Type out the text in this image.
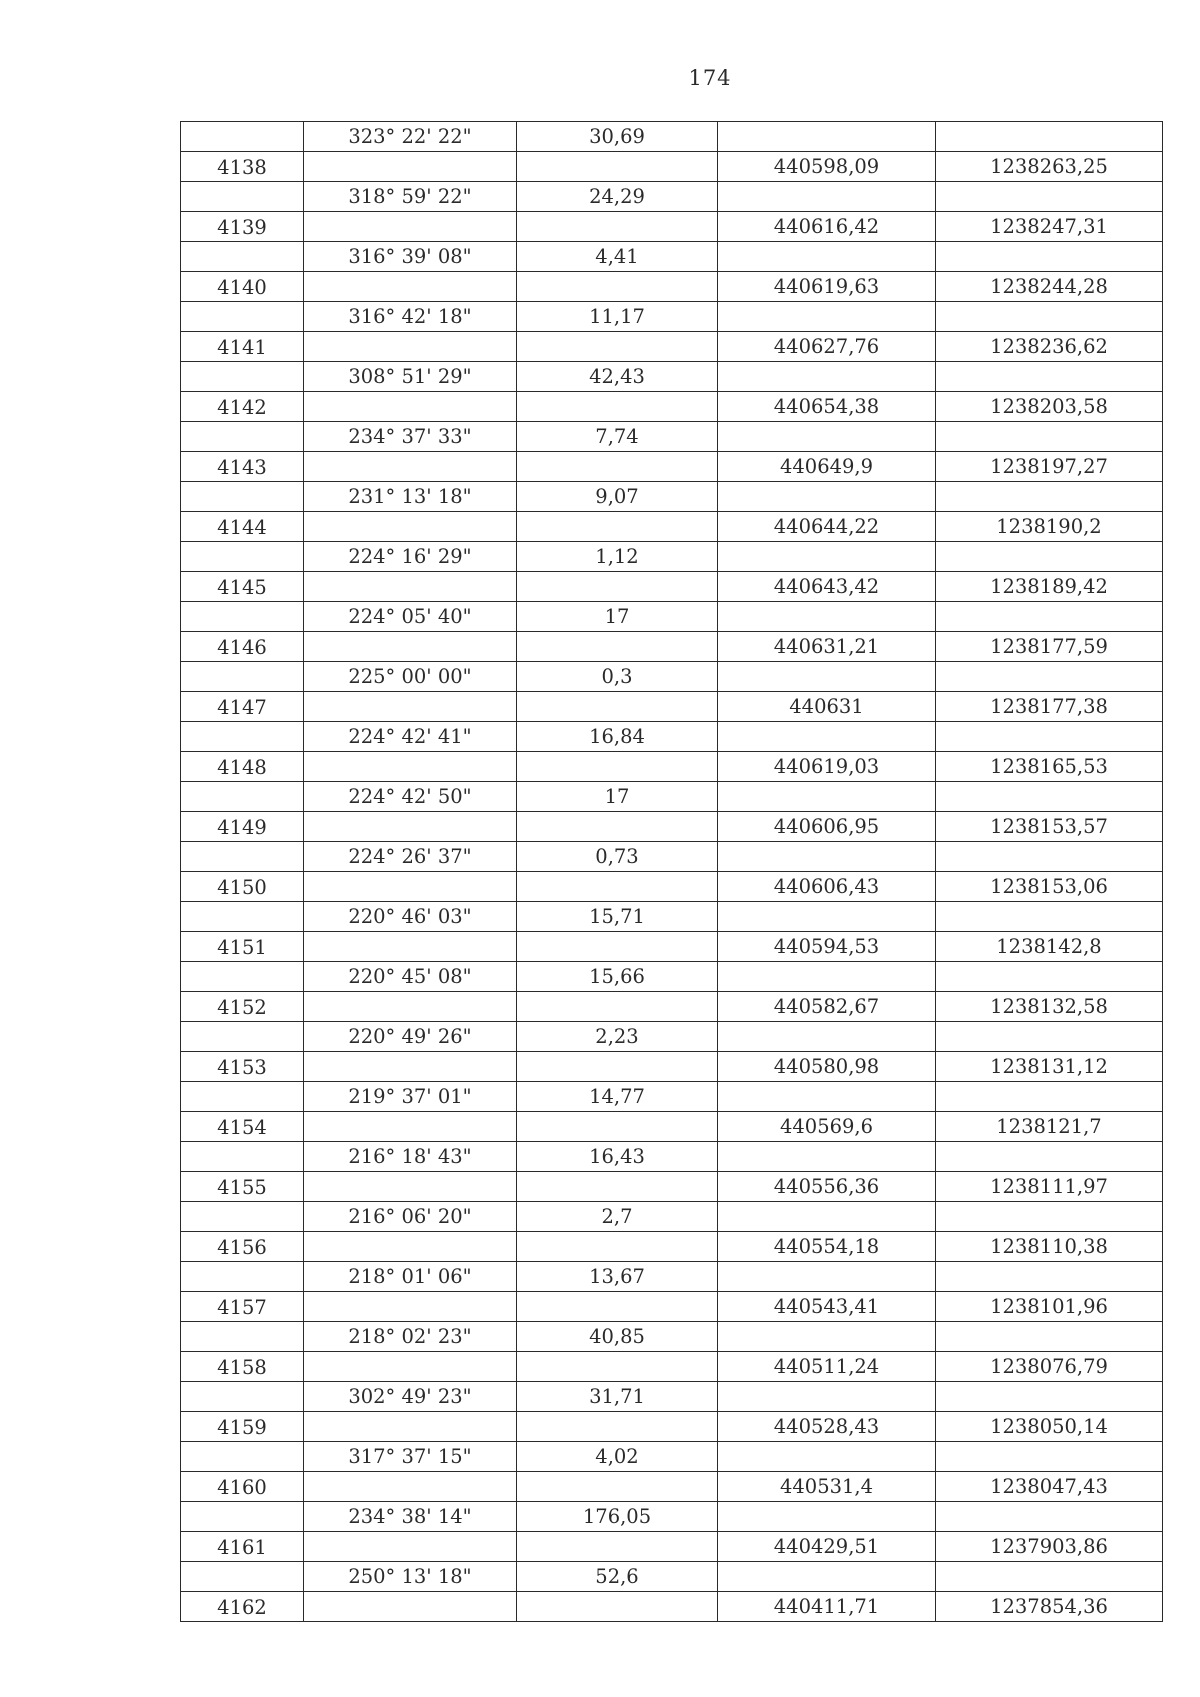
174
	323° 22' 22"	30,69		
4138			440598,09	1238263,25
	318° 59' 22"	24,29		
4139			440616,42	1238247,31
	316° 39' 08"	4,41		
4140			440619,63	1238244,28
	316° 42' 18"	11,17		
4141			440627,76	1238236,62
	308° 51' 29"	42,43		
4142			440654,38	1238203,58
	234° 37' 33"	7,74		
4143			440649,9	1238197,27
	231° 13' 18"	9,07		
4144			440644,22	1238190,2
	224° 16' 29"	1,12		
4145			440643,42	1238189,42
	224° 05' 40"	17		
4146			440631,21	1238177,59
	225° 00' 00"	0,3		
4147			440631	1238177,38
	224° 42' 41"	16,84		
4148			440619,03	1238165,53
	224° 42' 50"	17		
4149			440606,95	1238153,57
	224° 26' 37"	0,73		
4150			440606,43	1238153,06
	220° 46' 03"	15,71		
4151			440594,53	1238142,8
	220° 45' 08"	15,66		
4152			440582,67	1238132,58
	220° 49' 26"	2,23		
4153			440580,98	1238131,12
	219° 37' 01"	14,77		
4154			440569,6	1238121,7
	216° 18' 43"	16,43		
4155			440556,36	1238111,97
	216° 06' 20"	2,7		
4156			440554,18	1238110,38
	218° 01' 06"	13,67		
4157			440543,41	1238101,96
	218° 02' 23"	40,85		
4158			440511,24	1238076,79
	302° 49' 23"	31,71		
4159			440528,43	1238050,14
	317° 37' 15"	4,02		
4160			440531,4	1238047,43
	234° 38' 14"	176,05		
4161			440429,51	1237903,86
	250° 13' 18"	52,6		
4162			440411,71	1237854,36
